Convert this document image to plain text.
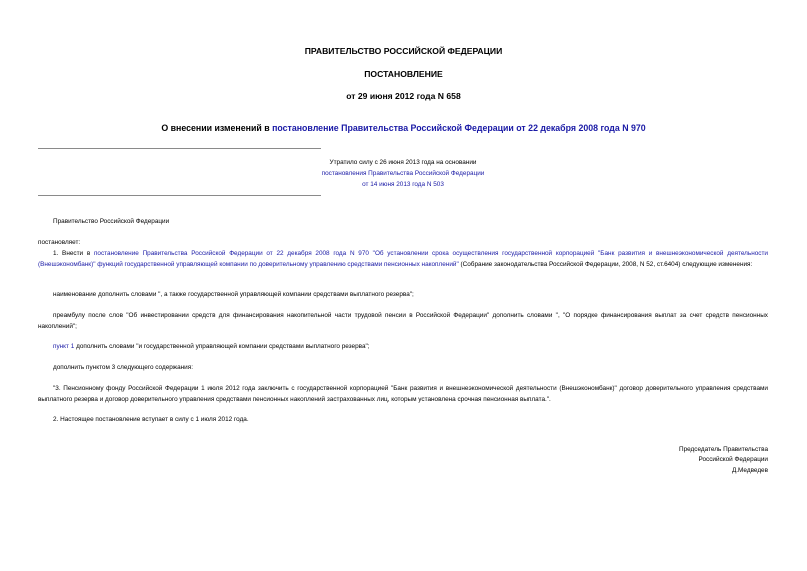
ПРАВИТЕЛЬСТВО РОССИЙСКОЙ ФЕДЕРАЦИИ
ПОСТАНОВЛЕНИЕ
от 29 июня 2012 года N 658
О внесении изменений в постановление Правительства Российской Федерации от 22 декабря 2008 года N 970
Утратило силу с 26 июня 2013 года на основании
постановления Правительства Российской Федерации
от 14 июня 2013 года N 503
Правительство Российской Федерации
постановляет:
1. Внести в постановление Правительства Российской Федерации от 22 декабря 2008 года N 970 "Об установлении срока осуществления государственной корпорацией "Банк развития и внешнеэкономической деятельности (Внешэкономбанк)" функций государственной управляющей компании по доверительному управлению средствами пенсионных накоплений" (Собрание законодательства Российской Федерации, 2008, N 52, ст.6404) следующие изменения:
наименование дополнить словами ", а также государственной управляющей компании средствами выплатного резерва";
преамбулу после слов "Об инвестировании средств для финансирования накопительной части трудовой пенсии в Российской Федерации" дополнить словами ", "О порядке финансирования выплат за счет средств пенсионных накоплений";
пункт 1 дополнить словами "и государственной управляющей компании средствами выплатного резерва";
дополнить пунктом 3 следующего содержания:
"3. Пенсионному фонду Российской Федерации 1 июля 2012 года заключить с государственной корпорацией "Банк развития и внешнеэкономической деятельности (Внешэкономбанк)" договор доверительного управления средствами выплатного резерва и договор доверительного управления средствами пенсионных накоплений застрахованных лиц, которым установлена срочная пенсионная выплата.".
2. Настоящее постановление вступает в силу с 1 июля 2012 года.
Председатель Правительства
Российской Федерации
Д.Медведев
